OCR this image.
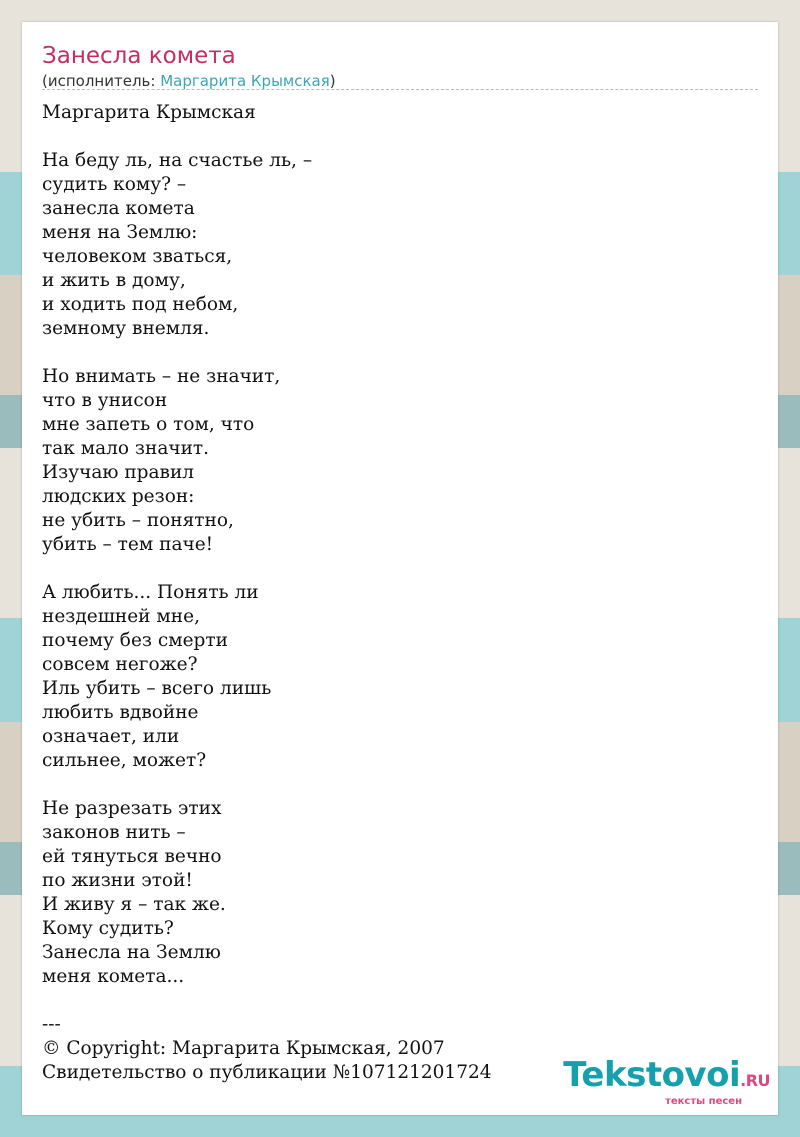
Занесла комета
(исполнитель: Маргарита Крымская)
Маргарита Крымская

На беду ль, на счастье ль, –
судить кому? –
занесла комета
меня на Землю:
человеком зваться,
и жить в дому,
и ходить под небом,
земному внемля.

Но внимать – не значит,
что в унисон
мне запеть о том, что
так мало значит.
Изучаю правил
людских резон:
не убить – понятно,
убить – тем паче!

А любить... Понять ли
нездешней мне,
почему без смерти
совсем негоже?
Иль убить – всего лишь
любить вдвойне
означает, или
сильнее, может?

Не разрезать этих
законов нить –
ей тянуться вечно
по жизни этой!
И живу я – так же.
Кому судить?
Занесла на Землю
меня комета...

---
© Copyright: Маргарита Крымская, 2007
Свидетельство о публикации №107121201724	Tekstovoi.RU
тексты песен
